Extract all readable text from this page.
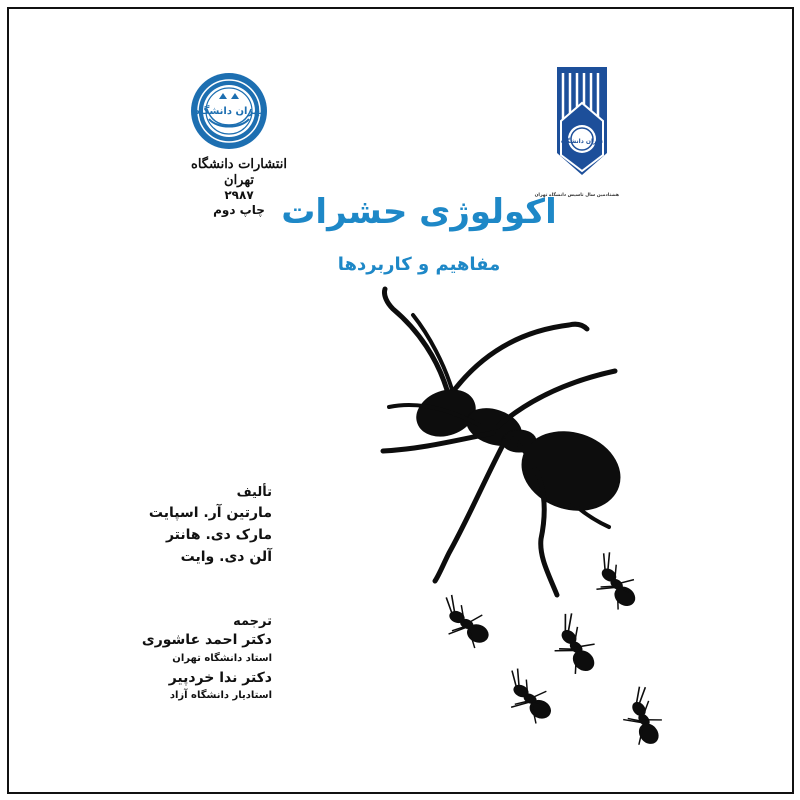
تهران دانشگاه
انتشارات دانشگاه تهران
۲۹۸۷
چاپ دوم
تهران دانشگاه
هشتادمین سال تاسیس دانشگاه تهران
اکولوژی حشرات
مفاهیم و کاربردها
تألیف
مارتین آر. اسپایت
مارک دی. هانتر
آلن دی. وایت
ترجمه
دکتر احمد عاشوری
استاد دانشگاه تهران
دکتر ندا خردپیر
استادیار دانشگاه آزاد
